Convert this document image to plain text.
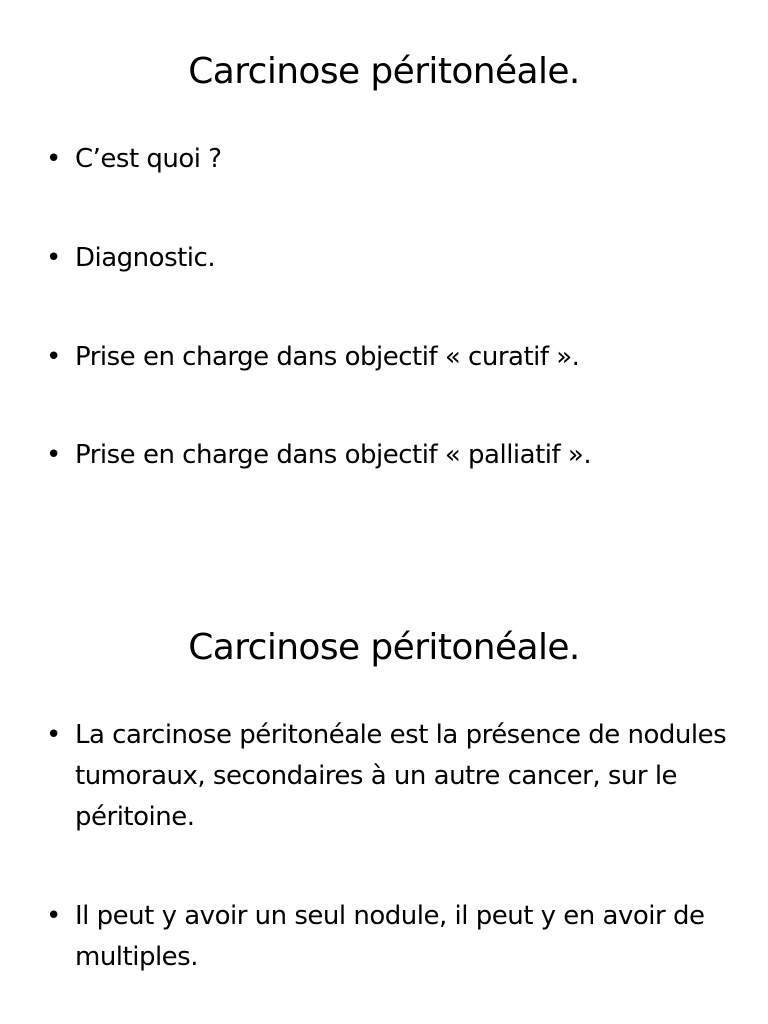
Carcinose péritonéale.
• C’est quoi ?
• Diagnostic.
• Prise en charge dans objectif « curatif ».
• Prise en charge dans objectif « palliatif ».
Carcinose péritonéale.
• La carcinose péritonéale est la présence de nodules tumoraux, secondaires à un autre cancer, sur le péritoine.
• Il peut y avoir un seul nodule, il peut y en avoir de multiples.
